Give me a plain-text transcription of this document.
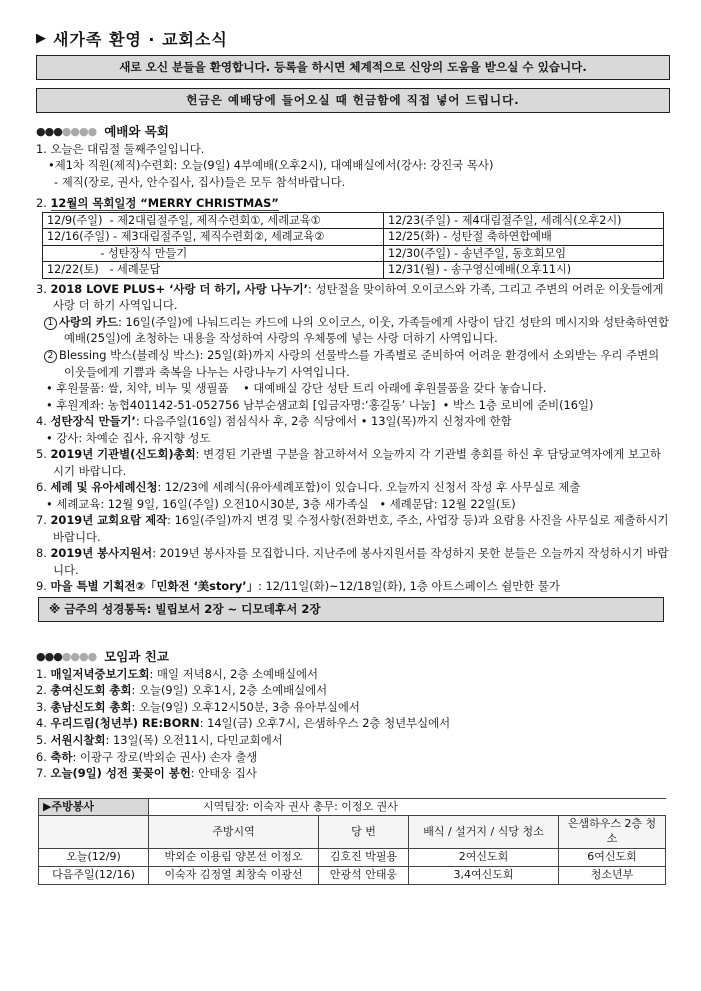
▶ 새가족 환영 · 교회소식
새로 오신 분들을 환영합니다. 등록을 하시면 체계적으로 신앙의 도움을 받으실 수 있습니다.
헌금은 예배당에 들어오실 때 헌금함에 직접 넣어 드립니다.
●●●●●●● 예배와 목회
1. 오늘은 대림절 둘째주일입니다.
•제1차 직원(제직)수련회: 오늘(9일) 4부예배(오후2시), 대예배실에서(강사: 강진국 목사)
- 제직(장로, 권사, 안수집사, 집사)들은 모두 참석바랍니다.
2. 12월의 목회일정 “MERRY CHRISTMAS”
12/9(주일)  - 제2대림절주일, 제직수련회①, 세례교육①	12/23(주일) - 제4대림절주일, 세례식(오후2시)
12/16(주일) - 제3대림절주일, 제직수련회②, 세례교육②	12/25(화) - 성탄절 축하연합예배
- 성탄장식 만들기	12/30(주일) - 송년주일, 동호회모임
12/22(토)   - 세례문답	12/31(월) - 송구영신예배(오후11시)
3. 2018 LOVE PLUS+ ‘사랑 더 하기, 사랑 나누기’: 성탄절을 맞이하여 오이코스와 가족, 그리고 주변의 어려운 이웃들에게 사랑 더 하기 사역입니다.
1 사랑의 카드: 16일(주일)에 나눠드리는 카드에 나의 오이코스, 이웃, 가족들에게 사랑이 담긴 성탄의 메시지와 성탄축하연합예배(25일)에 초청하는 내용을 작성하여 사랑의 우체통에 넣는 사랑 더하기 사역입니다.
2 Blessing 박스(블레싱 박스): 25일(화)까지 사랑의 선물박스를 가족별로 준비하여 어려운 환경에서 소외받는 우리 주변의 이웃들에게 기쁨과 축복을 나누는 사랑나누기 사역입니다.
• 후원물품: 쌀, 치약, 비누 및 생필품    • 대예배실 강단 성탄 트리 아래에 후원물품을 갖다 놓습니다.
• 후원계좌: 농협401142-51-052756 남부순샘교회 [입금자명:‘홍길동’ 나눔]  • 박스 1층 로비에 준비(16일)
4. 성탄장식 만들기’: 다음주일(16일) 점심식사 후, 2층 식당에서 • 13일(목)까지 신청자에 한함
• 강사: 차예순 집사, 유지향 성도
5. 2019년 기관별(신도회)총회: 변경된 기관별 구분을 참고하셔서 오늘까지 각 기관별 총회를 하신 후 담당교역자에게 보고하시기 바랍니다.
6. 세례 및 유아세례신청: 12/23에 세례식(유아세례포함)이 있습니다. 오늘까지 신청서 작성 후 사무실로 제출
• 세례교육: 12월 9일, 16일(주일) 오전10시30분, 3층 새가족실   • 세례문답: 12월 22일(토)
7. 2019년 교회요람 제작: 16일(주일)까지 변경 및 수정사항(전화번호, 주소, 사업장 등)과 요람용 사진을 사무실로 제출하시기 바랍니다.
8. 2019년 봉사지원서: 2019년 봉사자를 모집합니다. 지난주에 봉사지원서를 작성하지 못한 분들은 오늘까지 작성하시기 바랍니다.
9. 마을 특별 기획전②「민화전 ‘美story’」: 12/11일(화)~12/18일(화), 1층 아트스페이스 쉴만한 물가
※ 금주의 성경통독: 빌립보서 2장 ~ 디모데후서 2장
●●●●●●● 모임과 친교
1. 매일저녁중보기도회: 매일 저녁8시, 2층 소예배실에서
2. 총여신도회 총회: 오늘(9일) 오후1시, 2층 소예배실에서
3. 총남신도회 총회: 오늘(9일) 오후12시50분, 3층 유아부실에서
4. 우리드림(청년부) RE:BORN: 14일(금) 오후7시, 은샘하우스 2층 청년부실에서
5. 서원시찰회: 13일(목) 오전11시, 다민교회에서
6. 축하: 이광구 장로(박외순 권사) 손자 출생
7. 오늘(9일) 성전 꽃꽂이 봉헌: 안태웅 집사
▶주방봉사	시역팀장: 이숙자 권사 총무: 이정오 권사			
	주방시역	당 번	배식 / 설거지 / 식당 청소	은샘하우스 2층 청소
오늘(12/9)	박외순 이용림 양본선 이정오	김호진 박필용	2여신도회	6여신도회
다음주일(12/16)	이숙자 김정열 최창숙 이광선	안광석 안태웅	3,4여신도회	청소년부
